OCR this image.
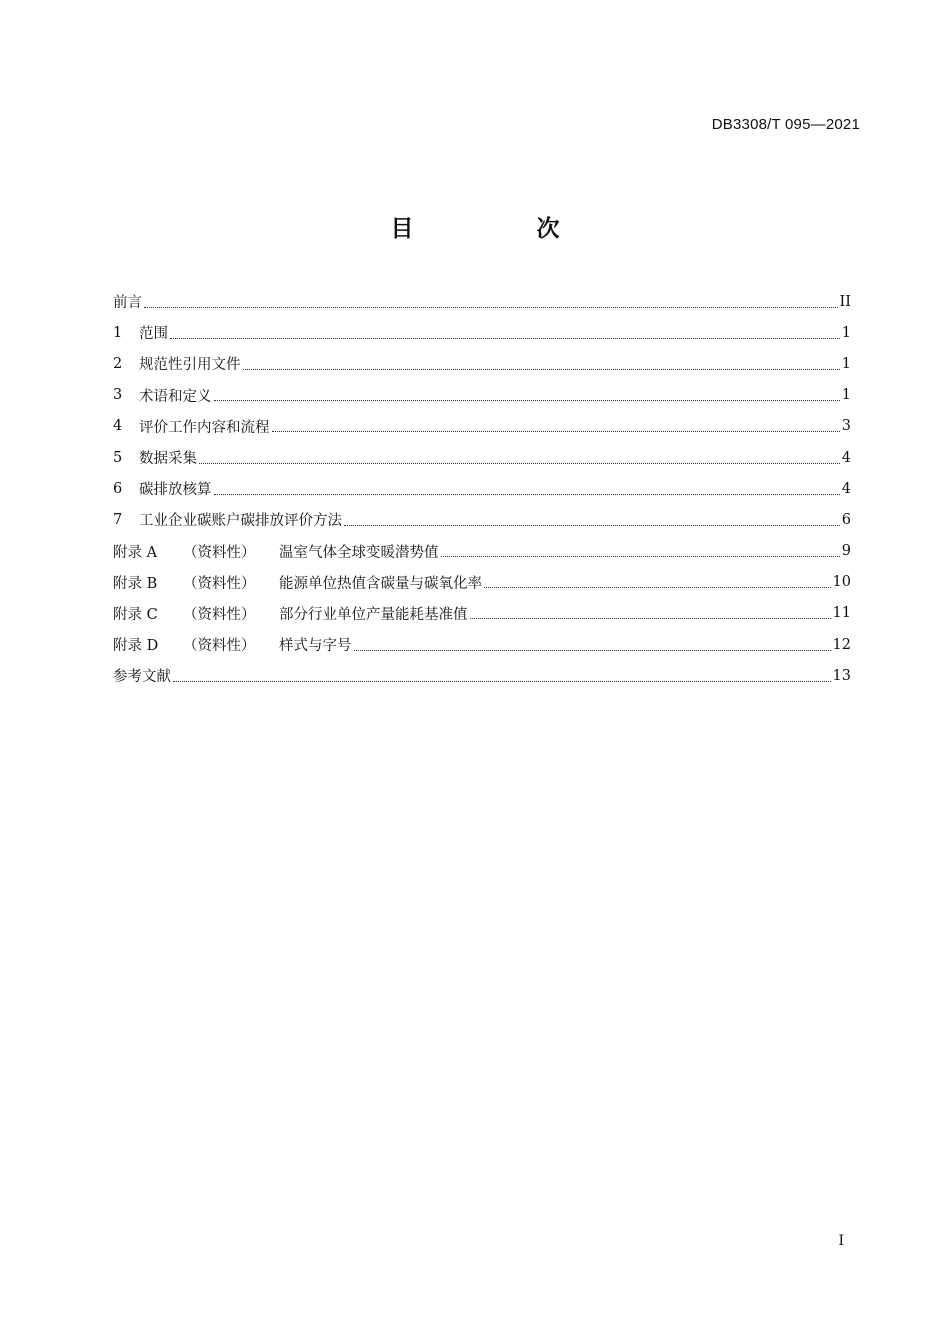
DB3308/T 095—2021
目　次
前言	II
1	范围	1
2	规范性引用文件	1
3	术语和定义	1
4	评价工作内容和流程	3
5	数据采集	4
6	碳排放核算	4
7	工业企业碳账户碳排放评价方法	6
附录 A	（资料性）	温室气体全球变暖潜势值	9
附录 B	（资料性）	能源单位热值含碳量与碳氧化率	10
附录 C	（资料性）	部分行业单位产量能耗基准值	11
附录 D	（资料性）	样式与字号	12
参考文献	13
I
